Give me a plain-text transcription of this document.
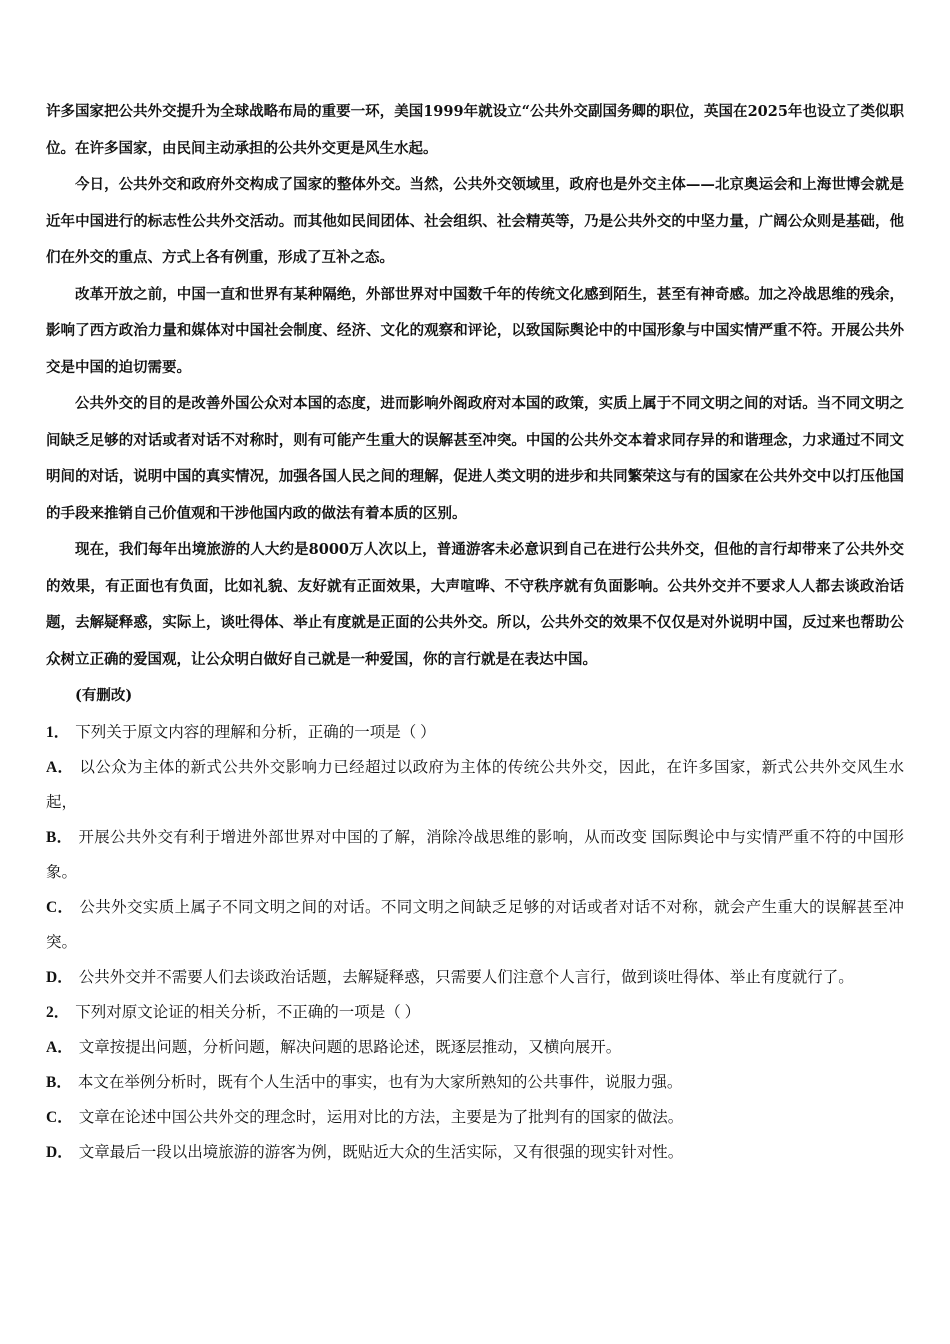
许多国家把公共外交提升为全球战略布局的重要一环，美国1999年就设立“公共外交副国务卿的职位，英国在2025年也设立了类似职位。在许多国家，由民间主动承担的公共外交更是风生水起。

今日，公共外交和政府外交构成了国家的整体外交。当然，公共外交领域里，政府也是外交主体——北京奥运会和上海世博会就是近年中国进行的标志性公共外交活动。而其他如民间团体、社会组织、社会精英等，乃是公共外交的中坚力量，广阔公众则是基础，他们在外交的重点、方式上各有例重，形成了互补之态。

改革开放之前，中国一直和世界有某种隔绝，外部世界对中国数千年的传统文化感到陌生，甚至有神奇感。加之冷战思维的残余，影响了西方政治力量和媒体对中国社会制度、经济、文化的观察和评论，以致国际舆论中的中国形象与中国实情严重不符。开展公共外交是中国的迫切需要。

公共外交的目的是改善外国公众对本国的态度，进而影响外阁政府对本国的政策，实质上属于不同文明之间的对话。当不同文明之间缺乏足够的对话或者对话不对称时，则有可能产生重大的误解甚至冲突。中国的公共外交本着求同存异的和谐理念，力求通过不同文明间的对话，说明中国的真实情况，加强各国人民之间的理解，促进人类文明的进步和共同繁荣这与有的国家在公共外交中以打压他国的手段来推销自己价值观和干涉他国内政的做法有着本质的区别。

现在，我们每年出境旅游的人大约是8000万人次以上，普通游客未必意识到自己在进行公共外交，但他的言行却带来了公共外交的效果，有正面也有负面，比如礼貌、友好就有正面效果，大声喧哗、不守秩序就有负面影响。公共外交并不要求人人都去谈政治话题，去解疑释惑，实际上，谈吐得体、举止有度就是正面的公共外交。所以，公共外交的效果不仅仅是对外说明中国，反过来也帮助公众树立正确的爱国观，让公众明白做好自己就是一种爱国，你的言行就是在表达中国。

(有删改)

1． 下列关于原文内容的理解和分析，正确的一项是（ ）

A． 以公众为主体的新式公共外交影响力已经超过以政府为主体的传统公共外交，因此，在许多国家，新式公共外交风生水起，

B． 开展公共外交有利于增进外部世界对中国的了解，消除冷战思维的影响，从而改变 国际舆论中与实情严重不符的中国形象。

C． 公共外交实质上属子不同文明之间的对话。不同文明之间缺乏足够的对话或者对话不对称，就会产生重大的误解甚至冲突。

D． 公共外交并不需要人们去谈政治话题，去解疑释惑，只需要人们注意个人言行，做到谈吐得体、举止有度就行了。

2． 下列对原文论证的相关分析，不正确的一项是（ ）

A． 文章按提出问题，分析问题，解决问题的思路论述，既逐层推动，又横向展开。

B． 本文在举例分析时，既有个人生活中的事实，也有为大家所熟知的公共事件，说服力强。

C． 文章在论述中国公共外交的理念时，运用对比的方法，主要是为了批判有的国家的做法。

D． 文章最后一段以出境旅游的游客为例，既贴近大众的生活实际，又有很强的现实针对性。
